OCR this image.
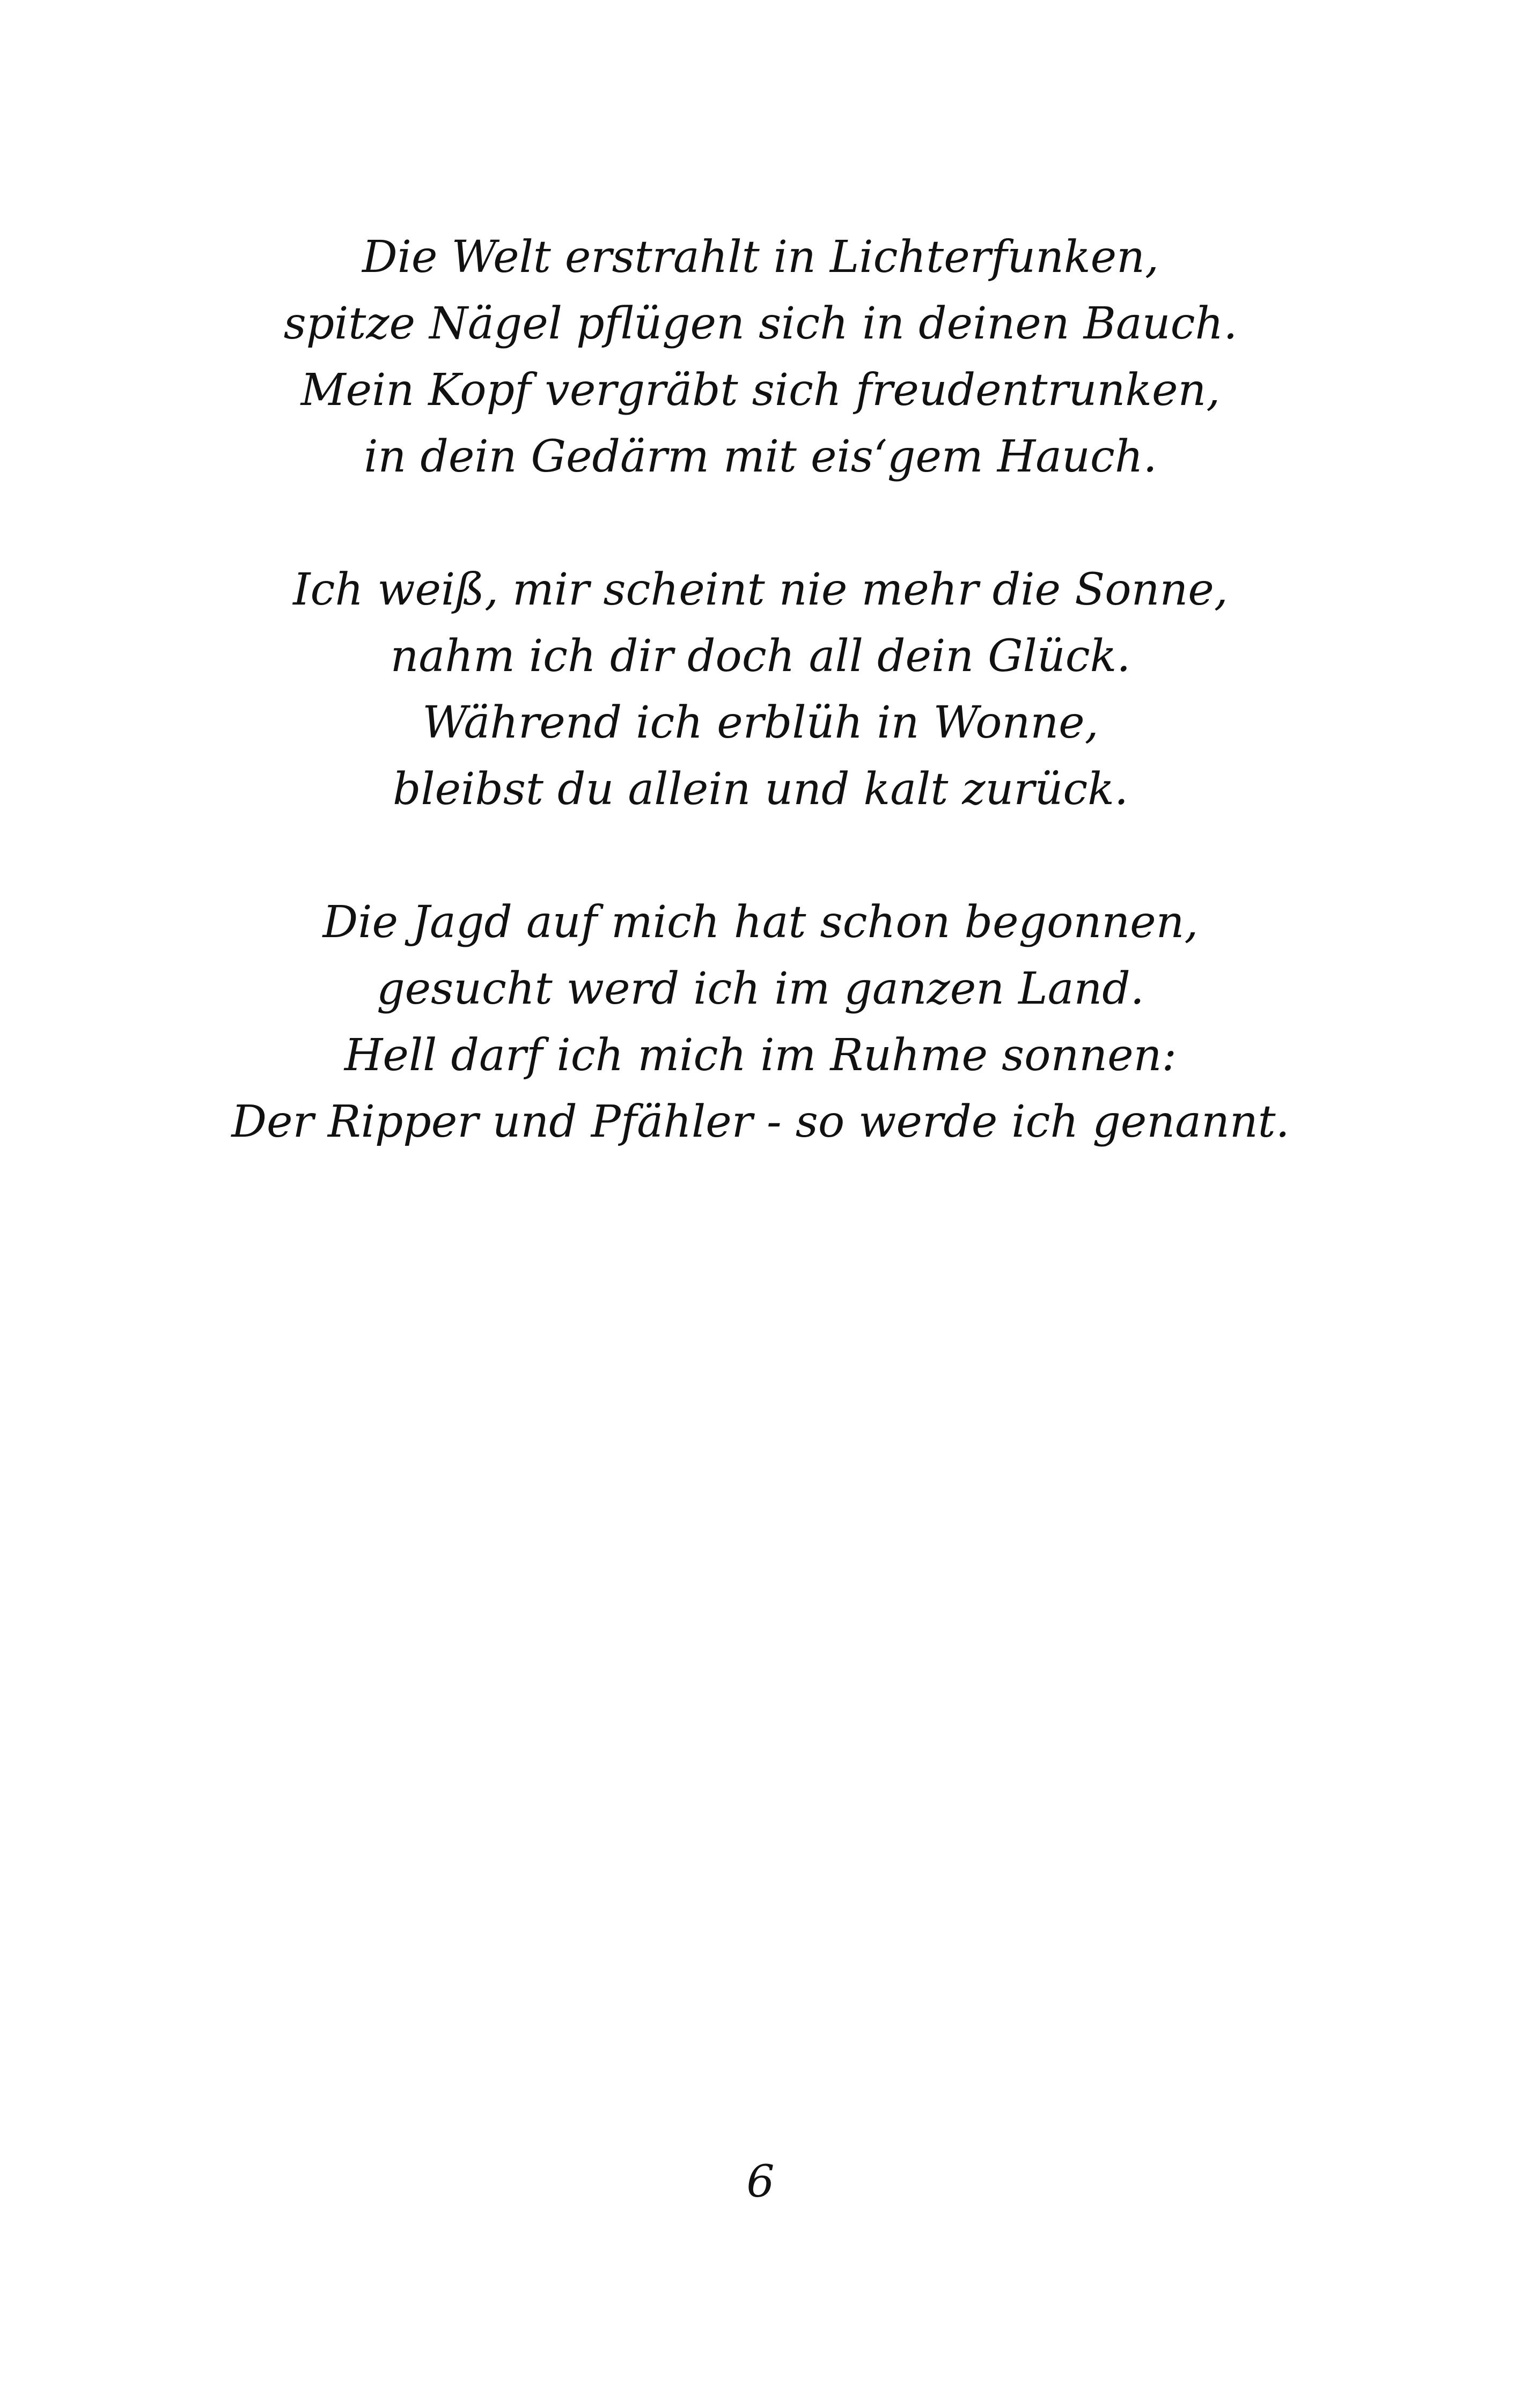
Die Welt erstrahlt in Lichterfunken,
spitze Nägel pflügen sich in deinen Bauch.
Mein Kopf vergräbt sich freudentrunken,
in dein Gedärm mit eis‘gem Hauch.
Ich weiß, mir scheint nie mehr die Sonne,
nahm ich dir doch all dein Glück.
Während ich erblüh in Wonne,
bleibst du allein und kalt zurück.
Die Jagd auf mich hat schon begonnen,
gesucht werd ich im ganzen Land.
Hell darf ich mich im Ruhme sonnen:
Der Ripper und Pfähler - so werde ich genannt.
6
